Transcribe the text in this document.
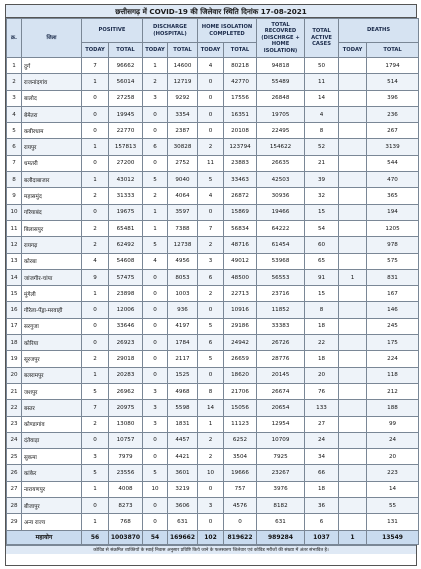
छत्तीसगढ़ में COVID-19 की जिलेवार स्थिति दिनांक 17-08-2021
क्र.	जिला	POSITIVE		DISCHARGE (HOSPITAL)		HOME ISOLATION COMPLETED		TOTAL RECOVRED (DISCHRGE + HOME ISOLATION)	TOTAL ACTIVE CASES	DEATHS	
		TODAY	TOTAL	TODAY	TOTAL	TODAY	TOTAL			TODAY	TOTAL
1	दुर्ग	7	96662	1	14600	4	80218	94818	50		1794
2	राजनांदगांव	1	56014	2	12719	0	42770	55489	11		514
3	बालोद	0	27258	3	9292	0	17556	26848	14		396
4	बेमेतरा	0	19945	0	3354	0	16351	19705	4		236
5	कबीरधाम	0	22770	0	2387	0	20108	22495	8		267
6	रायपुर	1	157813	6	30828	2	123794	154622	52		3139
7	धमतरी	0	27200	0	2752	11	23883	26635	21		544
8	बलौदाबाजार	1	43012	5	9040	5	33463	42503	39		470
9	महासमुंद	2	31333	2	4064	4	26872	30936	32		365
10	गरियाबंद	0	19675	1	3597	0	15869	19466	15		194
11	बिलासपुर	2	65481	1	7388	7	56834	64222	54		1205
12	रायगढ़	2	62492	5	12738	2	48716	61454	60		978
13	कोरबा	4	54608	4	4956	3	49012	53968	65		575
14	जांजगीर-चांपा	9	57475	0	8053	6	48500	56553	91	1	831
15	मुंगेली	1	23898	0	1003	2	22713	23716	15		167
16	गौरेला-पेंड्रा-मरवाही	0	12006	0	936	0	10916	11852	8		146
17	सरगुजा	0	33646	0	4197	5	29186	33383	18		245
18	कोरिया	0	26923	0	1784	6	24942	26726	22		175
19	सूरजपुर	2	29018	0	2117	5	26659	28776	18		224
20	बलरामपुर	1	20283	0	1525	0	18620	20145	20		118
21	जशपुर	5	26962	3	4968	8	21706	26674	76		212
22	बस्तर	7	20975	3	5598	14	15056	20654	133		188
23	कोण्डागांव	2	13080	3	1831	1	11123	12954	27		99
24	दंतेवाड़ा	0	10757	0	4457	2	6252	10709	24		24
25	सुकमा	3	7979	0	4421	2	3504	7925	34		20
26	कांकेर	5	23556	5	3601	10	19666	23267	66		223
27	नारायणपुर	1	4008	10	3219	0	757	3976	18		14
28	बीजापुर	0	8273	0	3606	3	4576	8182	36		55
29	अन्य राज्य	1	768	0	631	0	0	631	6		131
महायोग		56	1003870	54	169662	102	819622	989284	1037	1	13549
कोविड से संक्रमित व्यक्तियों के स्वाई निवास अनुसार प्रविष्टि किये जाने के फलस्वरुप जिलेवार एवं कोविड मरीजों की संख्या में अंतर संभावित है।
